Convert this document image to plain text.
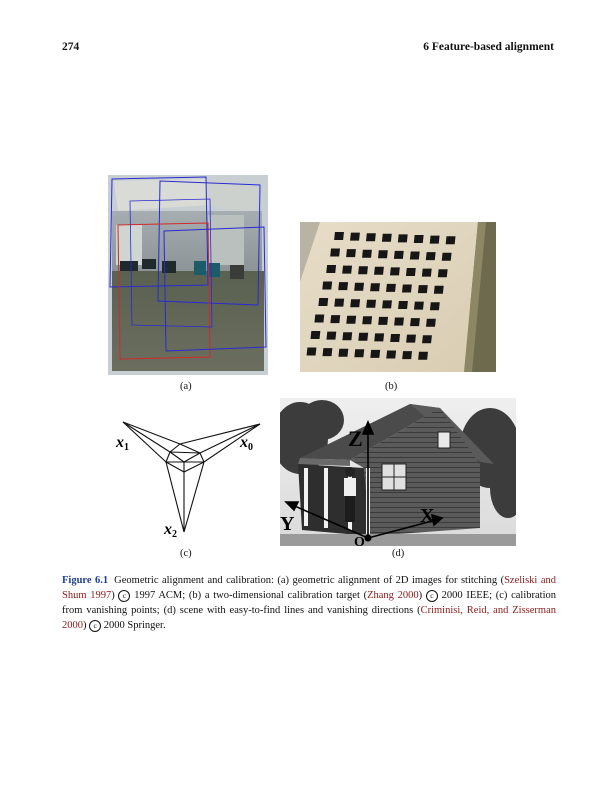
274	6 Feature-based alignment
(a)	(b)
x1	x0
x2
(c)
Z
Y	X
O
(d)
Figure 6.1 Geometric alignment and calibration: (a) geometric alignment of 2D images for stitching (Szeliski and Shum 1997) c 1997 ACM; (b) a two-dimensional calibration target (Zhang 2000) c 2000 IEEE; (c) calibration from vanishing points; (d) scene with easy-to-find lines and vanishing directions (Criminisi, Reid, and Zisserman 2000) c 2000 Springer.
